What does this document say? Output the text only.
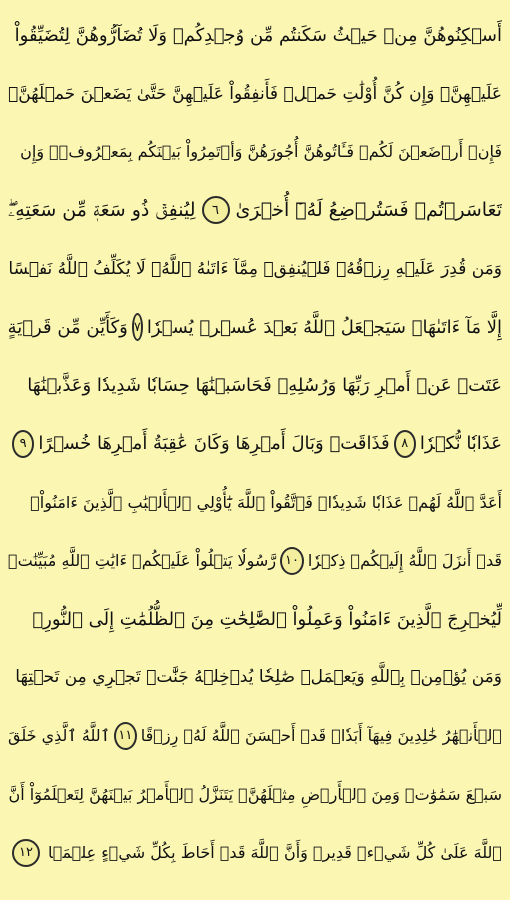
أَسۡكِنُوهُنَّ مِنۡ حَيۡثُ سَكَنتُم مِّن وُجۡدِكُمۡ وَلَا تُضَآرُّوهُنَّ لِتُضَيِّقُواْ
عَلَيۡهِنَّۚ وَإِن كُنَّ أُوْلَٰتِ حَمۡلٖ فَأَنفِقُواْ عَلَيۡهِنَّ حَتَّىٰ يَضَعۡنَ حَمۡلَهُنَّۚ
فَإِنۡ أَرۡضَعۡنَ لَكُمۡ فَـَٔاتُوهُنَّ أُجُورَهُنَّ وَأۡتَمِرُواْ بَيۡنَكُم بِمَعۡرُوفٖۖ وَإِن
تَعَاسَرۡتُمۡ فَسَتُرۡضِعُ لَهُۥٓ أُخۡرَىٰ
٦
لِيُنفِقۡ ذُو سَعَةٖ مِّن سَعَتِهِۦۖ
وَمَن قُدِرَ عَلَيۡهِ رِزۡقُهُۥ فَلۡيُنفِقۡ مِمَّآ ءَاتَىٰهُ ٱللَّهُۚ لَا يُكَلِّفُ ٱللَّهُ نَفۡسًا
إِلَّا مَآ ءَاتَىٰهَاۚ سَيَجۡعَلُ ٱللَّهُ بَعۡدَ عُسۡرٖ يُسۡرٗا
٧
وَكَأَيِّن مِّن قَرۡيَةٍ
عَتَتۡ عَنۡ أَمۡرِ رَبِّهَا وَرُسُلِهِۦ فَحَاسَبۡنَٰهَا حِسَابٗا شَدِيدٗا وَعَذَّبۡنَٰهَا
عَذَابٗا نُّكۡرٗا
٨
فَذَاقَتۡ وَبَالَ أَمۡرِهَا وَكَانَ عَٰقِبَةُ أَمۡرِهَا خُسۡرًا
٩
أَعَدَّ ٱللَّهُ لَهُمۡ عَذَابٗا شَدِيدٗاۖ فَٱتَّقُواْ ٱللَّهَ يَٰٓأُوْلِي ٱلۡأَلۡبَٰبِ ٱلَّذِينَ ءَامَنُواْۚ
قَدۡ أَنزَلَ ٱللَّهُ إِلَيۡكُمۡ ذِكۡرٗا
١٠
رَّسُولٗا يَتۡلُواْ عَلَيۡكُمۡ ءَايَٰتِ ٱللَّهِ مُبَيِّنَٰتٖ
لِّيُخۡرِجَ ٱلَّذِينَ ءَامَنُواْ وَعَمِلُواْ ٱلصَّٰلِحَٰتِ مِنَ ٱلظُّلُمَٰتِ إِلَى ٱلنُّورِۚ
وَمَن يُؤۡمِنۢ بِٱللَّهِ وَيَعۡمَلۡ صَٰلِحٗا يُدۡخِلۡهُ جَنَّٰتٖ تَجۡرِي مِن تَحۡتِهَا
ٱلۡأَنۡهَٰرُ خَٰلِدِينَ فِيهَآ أَبَدٗاۖ قَدۡ أَحۡسَنَ ٱللَّهُ لَهُۥ رِزۡقًا
١١
ٱللَّهُ ٱلَّذِي خَلَقَ
سَبۡعَ سَمَٰوَٰتٖ وَمِنَ ٱلۡأَرۡضِ مِثۡلَهُنَّۖ يَتَنَزَّلُ ٱلۡأَمۡرُ بَيۡنَهُنَّ لِتَعۡلَمُوٓاْ أَنَّ
ٱللَّهَ عَلَىٰ كُلِّ شَيۡءٖ قَدِيرٞ وَأَنَّ ٱللَّهَ قَدۡ أَحَاطَ بِكُلِّ شَيۡءٍ عِلۡمَۢا
١٢
